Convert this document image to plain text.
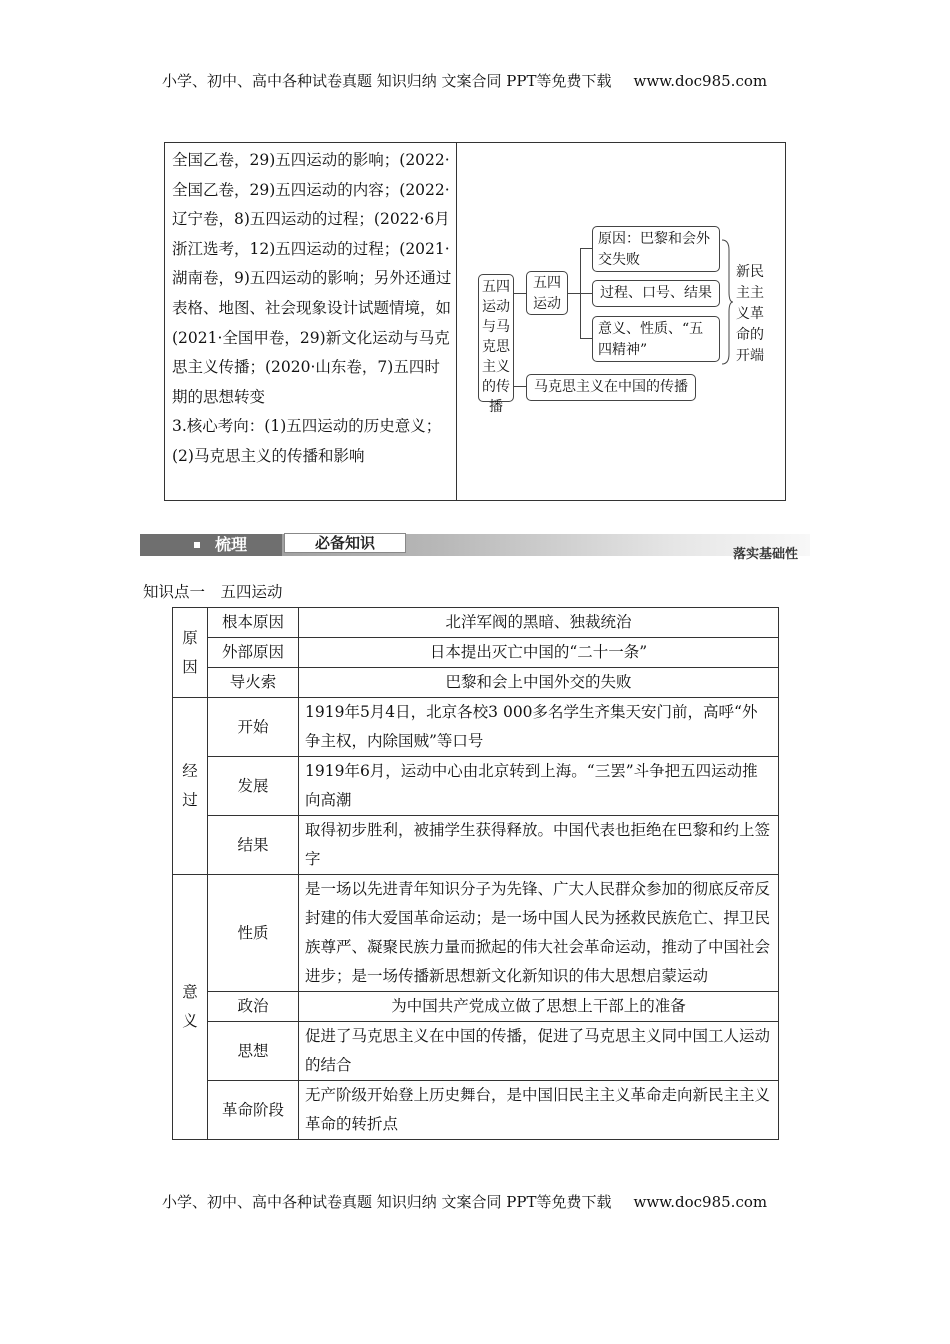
小学、初中、高中各种试卷真题 知识归纳 文案合同 PPT等免费下载 www.doc985.com
全国乙卷，29)五四运动的影响；(2022·全国乙卷，29)五四运动的内容；(2022·辽宁卷，8)五四运动的过程；(2022·6月浙江选考，12)五四运动的过程；(2021·湖南卷，9)五四运动的影响；另外还通过表格、地图、社会现象设计试题情境，如(2021·全国甲卷，29)新文化运动与马克思主义传播；(2020·山东卷，7)五四时期的思想转变
3.核心考向：(1)五四运动的历史意义；(2)马克思主义的传播和影响
五四运动与马克思主义的传播
五四运动
原因：巴黎和会外交失败
过程、口号、结果
意义、性质、“五四精神”
马克思主义在中国的传播
新民主主义革命的开端
梳理	必备知识
落实基础性
知识点一　五四运动
原因	根本原因	北洋军阀的黑暗、独裁统治
	外部原因	日本提出灭亡中国的“二十一条”
	导火索	巴黎和会上中国外交的失败
经过	开始	1919年5月4日，北京各校3 000多名学生齐集天安门前，高呼“外争主权，内除国贼”等口号
	发展	1919年6月，运动中心由北京转到上海。“三罢”斗争把五四运动推向高潮
	结果	取得初步胜利，被捕学生获得释放。中国代表也拒绝在巴黎和约上签字
意义	性质	是一场以先进青年知识分子为先锋、广大人民群众参加的彻底反帝反封建的伟大爱国革命运动；是一场中国人民为拯救民族危亡、捍卫民族尊严、凝聚民族力量而掀起的伟大社会革命运动，推动了中国社会进步；是一场传播新思想新文化新知识的伟大思想启蒙运动
	政治	为中国共产党成立做了思想上干部上的准备
	思想	促进了马克思主义在中国的传播，促进了马克思主义同中国工人运动的结合
	革命阶段	无产阶级开始登上历史舞台，是中国旧民主主义革命走向新民主主义革命的转折点
小学、初中、高中各种试卷真题 知识归纳 文案合同 PPT等免费下载 www.doc985.com
